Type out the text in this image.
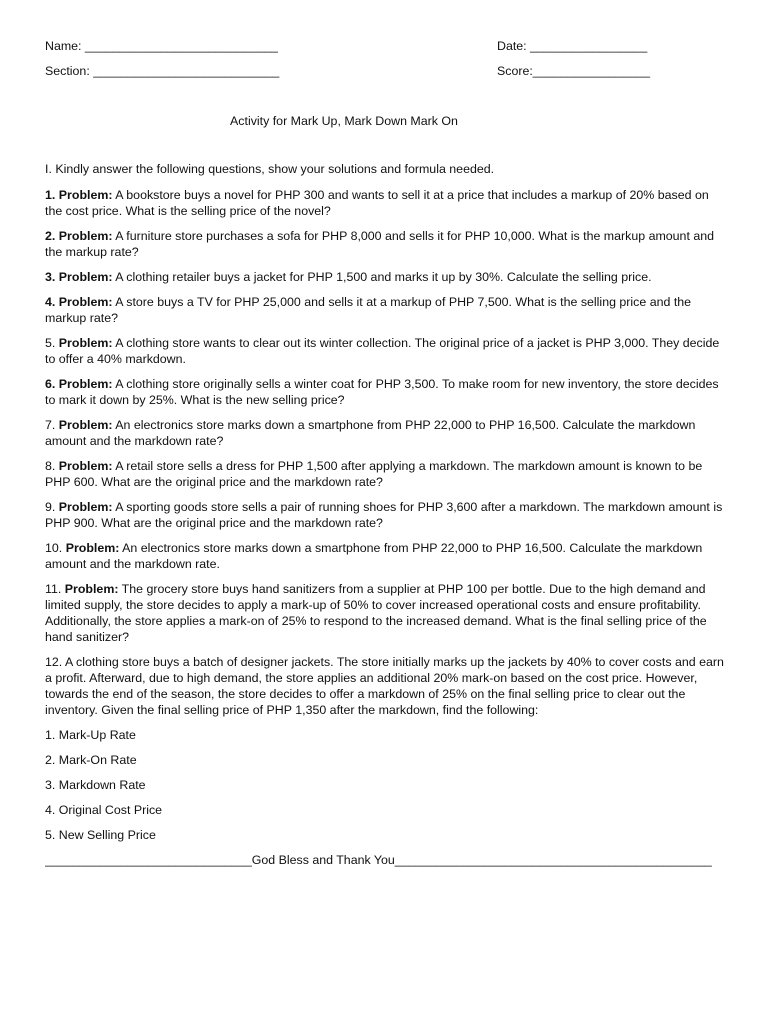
Name: ____________________________	Date: _________________
Section: ___________________________	Score:_________________
Activity for Mark Up, Mark Down Mark On

I. Kindly answer the following questions, show your solutions and formula needed.

1. Problem: A bookstore buys a novel for PHP 300 and wants to sell it at a price that includes a markup of 20% based on the cost price. What is the selling price of the novel?

2. Problem: A furniture store purchases a sofa for PHP 8,000 and sells it for PHP 10,000. What is the markup amount and the markup rate?

3. Problem: A clothing retailer buys a jacket for PHP 1,500 and marks it up by 30%. Calculate the selling price.

4. Problem: A store buys a TV for PHP 25,000 and sells it at a markup of PHP 7,500. What is the selling price and the markup rate?

5. Problem: A clothing store wants to clear out its winter collection. The original price of a jacket is PHP 3,000. They decide to offer a 40% markdown.

6. Problem: A clothing store originally sells a winter coat for PHP 3,500. To make room for new inventory, the store decides to mark it down by 25%. What is the new selling price?

7. Problem: An electronics store marks down a smartphone from PHP 22,000 to PHP 16,500. Calculate the markdown amount and the markdown rate?

8. Problem: A retail store sells a dress for PHP 1,500 after applying a markdown. The markdown amount is known to be PHP 600. What are the original price and the markdown rate?

9. Problem: A sporting goods store sells a pair of running shoes for PHP 3,600 after a markdown. The markdown amount is PHP 900. What are the original price and the markdown rate?

10. Problem: An electronics store marks down a smartphone from PHP 22,000 to PHP 16,500. Calculate the markdown amount and the markdown rate.

11. Problem: The grocery store buys hand sanitizers from a supplier at PHP 100 per bottle. Due to the high demand and limited supply, the store decides to apply a mark-up of 50% to cover increased operational costs and ensure profitability. Additionally, the store applies a mark-on of 25% to respond to the increased demand. What is the final selling price of the hand sanitizer?

12. A clothing store buys a batch of designer jackets. The store initially marks up the jackets by 40% to cover costs and earn a profit. Afterward, due to high demand, the store applies an additional 20% mark-on based on the cost price. However, towards the end of the season, the store decides to offer a markdown of 25% on the final selling price to clear out the inventory. Given the final selling price of PHP 1,350 after the markdown, find the following:

1. Mark-Up Rate

2. Mark-On Rate

3. Markdown Rate

4. Original Cost Price

5. New Selling Price

______________________________God Bless and Thank You______________________________________________
